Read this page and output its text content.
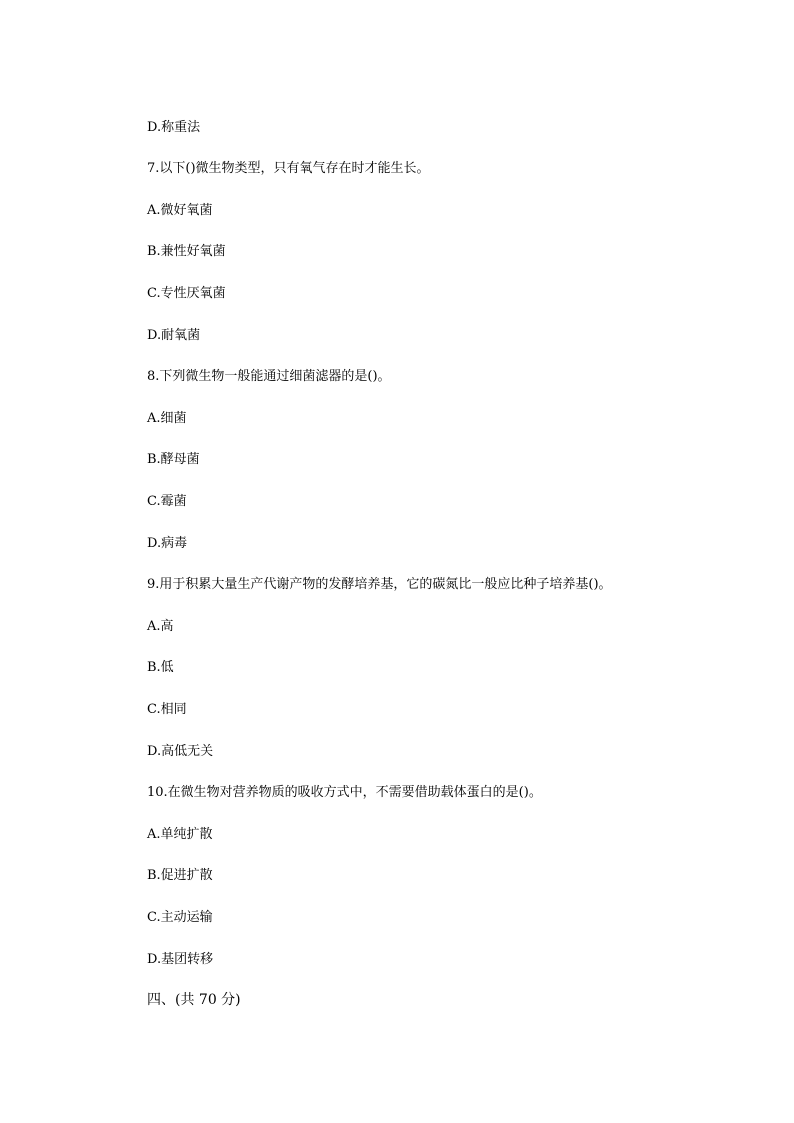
D.称重法
7.以下()微生物类型，只有氧气存在时才能生长。
A.微好氧菌
B.兼性好氧菌
C.专性厌氧菌
D.耐氧菌
8.下列微生物一般能通过细菌滤器的是()。
A.细菌
B.酵母菌
C.霉菌
D.病毒
9.用于积累大量生产代谢产物的发酵培养基，它的碳氮比一般应比种子培养基()。
A.高
B.低
C.相同
D.高低无关
10.在微生物对营养物质的吸收方式中，不需要借助载体蛋白的是()。
A.单纯扩散
B.促进扩散
C.主动运输
D.基团转移
四、(共 70 分)
